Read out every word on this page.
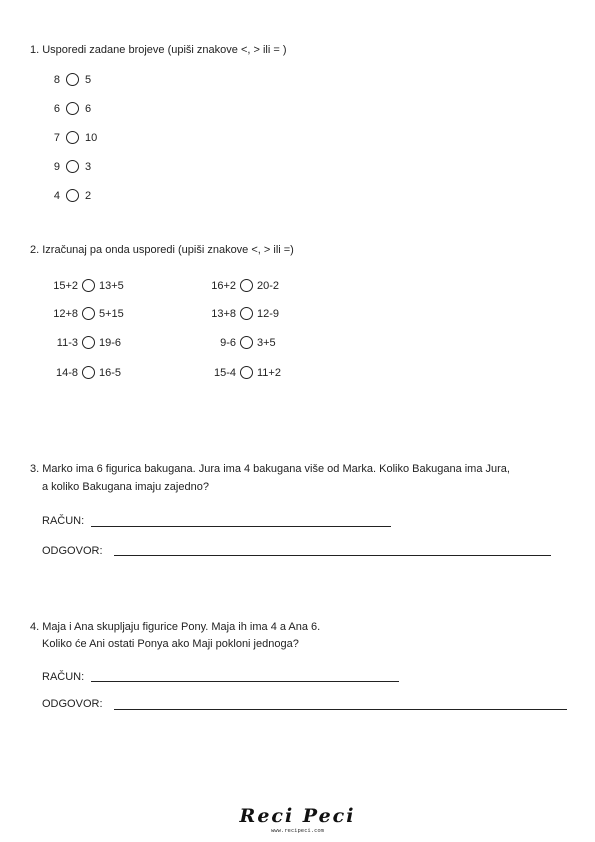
1. Usporedi zadane brojeve (upiši znakove <, > ili = )
8 5
6 6
7 10
9 3
4 2
2. Izračunaj pa onda usporedi (upiši znakove <, > ili =)
15+2 13+5
12+8 5+15
11-3 19-6
14-8 16-5
16+2 20-2
13+8 12-9
9-6 3+5
15-4 11+2
3. Marko ima 6 figurica bakugana. Jura ima 4 bakugana više od Marka. Koliko Bakugana ima Jura,
a koliko Bakugana imaju zajedno?
RAČUN:
ODGOVOR:
4. Maja i Ana skupljaju figurice Pony. Maja ih ima 4 a Ana 6.
Koliko će Ani ostati Ponya ako Maji pokloni jednoga?
RAČUN:
ODGOVOR:
Reci Peci
www.recipeci.com
